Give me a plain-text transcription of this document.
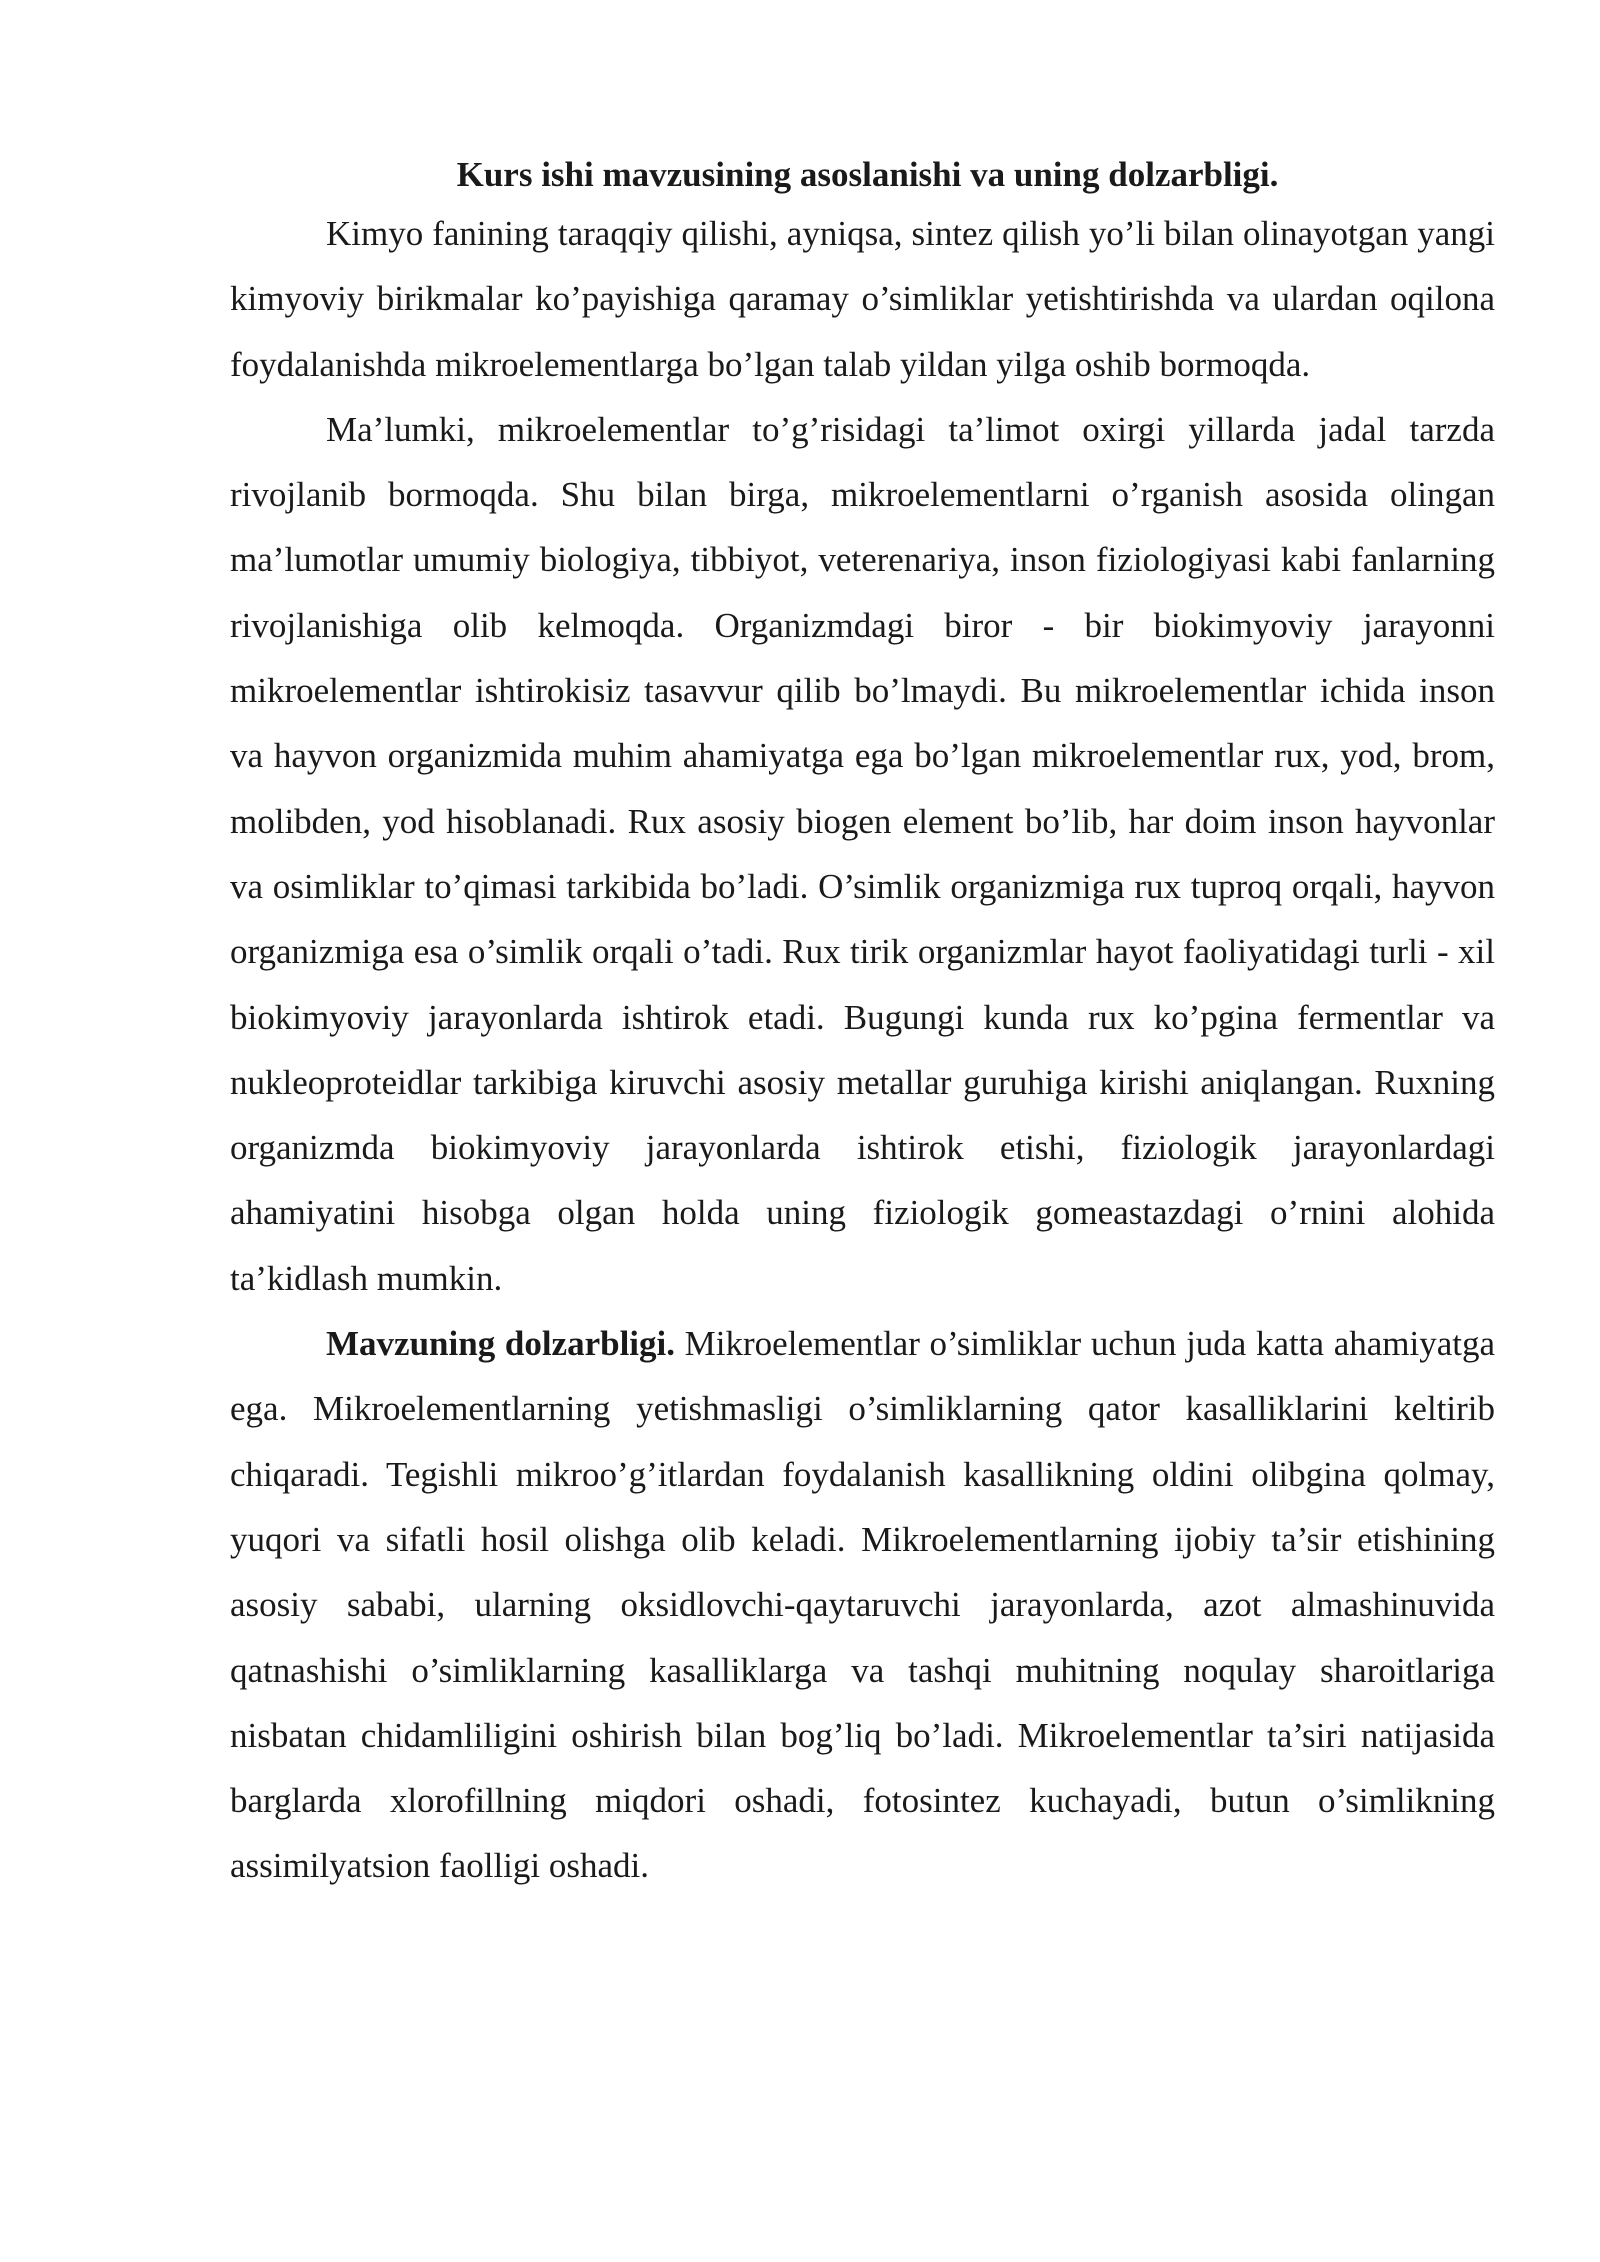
Kurs ishi mavzusining asoslanishi va uning dolzarbligi.

Kimyo fanining taraqqiy qilishi, ayniqsa, sintez qilish yo’li bilan olinayotgan yangi kimyoviy birikmalar ko’payishiga qaramay o’simliklar yetishtirishda va ulardan oqilona foydalanishda mikroelementlarga bo’lgan talab yildan yilga oshib bormoqda.

Ma’lumki, mikroelementlar to’g’risidagi ta’limot oxirgi yillarda jadal tarzda rivojlanib bormoqda. Shu bilan birga, mikroelementlarni o’rganish asosida olingan ma’lumotlar umumiy biologiya, tibbiyot, veterenariya, inson fiziologiyasi kabi fanlarning rivojlanishiga olib kelmoqda. Organizmdagi biror - bir biokimyoviy jarayonni mikroelementlar ishtirokisiz tasavvur qilib bo’lmaydi. Bu mikroelementlar ichida inson va hayvon organizmida muhim ahamiyatga ega bo’lgan mikroelementlar rux, yod, brom, molibden, yod hisoblanadi. Rux asosiy biogen element bo’lib, har doim inson hayvonlar va osimliklar to’qimasi tarkibida bo’ladi. O’simlik organizmiga rux tuproq orqali, hayvon organizmiga esa o’simlik orqali o’tadi. Rux tirik organizmlar hayot faoliyatidagi turli - xil biokimyoviy jarayonlarda ishtirok etadi. Bugungi kunda rux ko’pgina fermentlar va nukleoproteidlar tarkibiga kiruvchi asosiy metallar guruhiga kirishi aniqlangan. Ruxning organizmda biokimyoviy jarayonlarda ishtirok etishi, fiziologik jarayonlardagi ahamiyatini hisobga olgan holda uning fiziologik gomeastazdagi o’rnini alohida ta’kidlash mumkin.

Mavzuning dolzarbligi. Mikroelementlar o’simliklar uchun juda katta ahamiyatga ega. Mikroelementlarning yetishmasligi o’simliklarning qator kasalliklarini keltirib chiqaradi. Tegishli mikroo’g’itlardan foydalanish kasallikning oldini olibgina qolmay, yuqori va sifatli hosil olishga olib keladi. Mikroelementlarning ijobiy ta’sir etishining asosiy sababi, ularning oksidlovchi-qaytaruvchi jarayonlarda, azot almashinuvida qatnashishi o’simliklarning kasalliklarga va tashqi muhitning noqulay sharoitlariga nisbatan chidamliligini oshirish bilan bog’liq bo’ladi. Mikroelementlar ta’siri natijasida barglarda xlorofillning miqdori oshadi, fotosintez kuchayadi, butun o’simlikning assimilyatsion faolligi oshadi.
